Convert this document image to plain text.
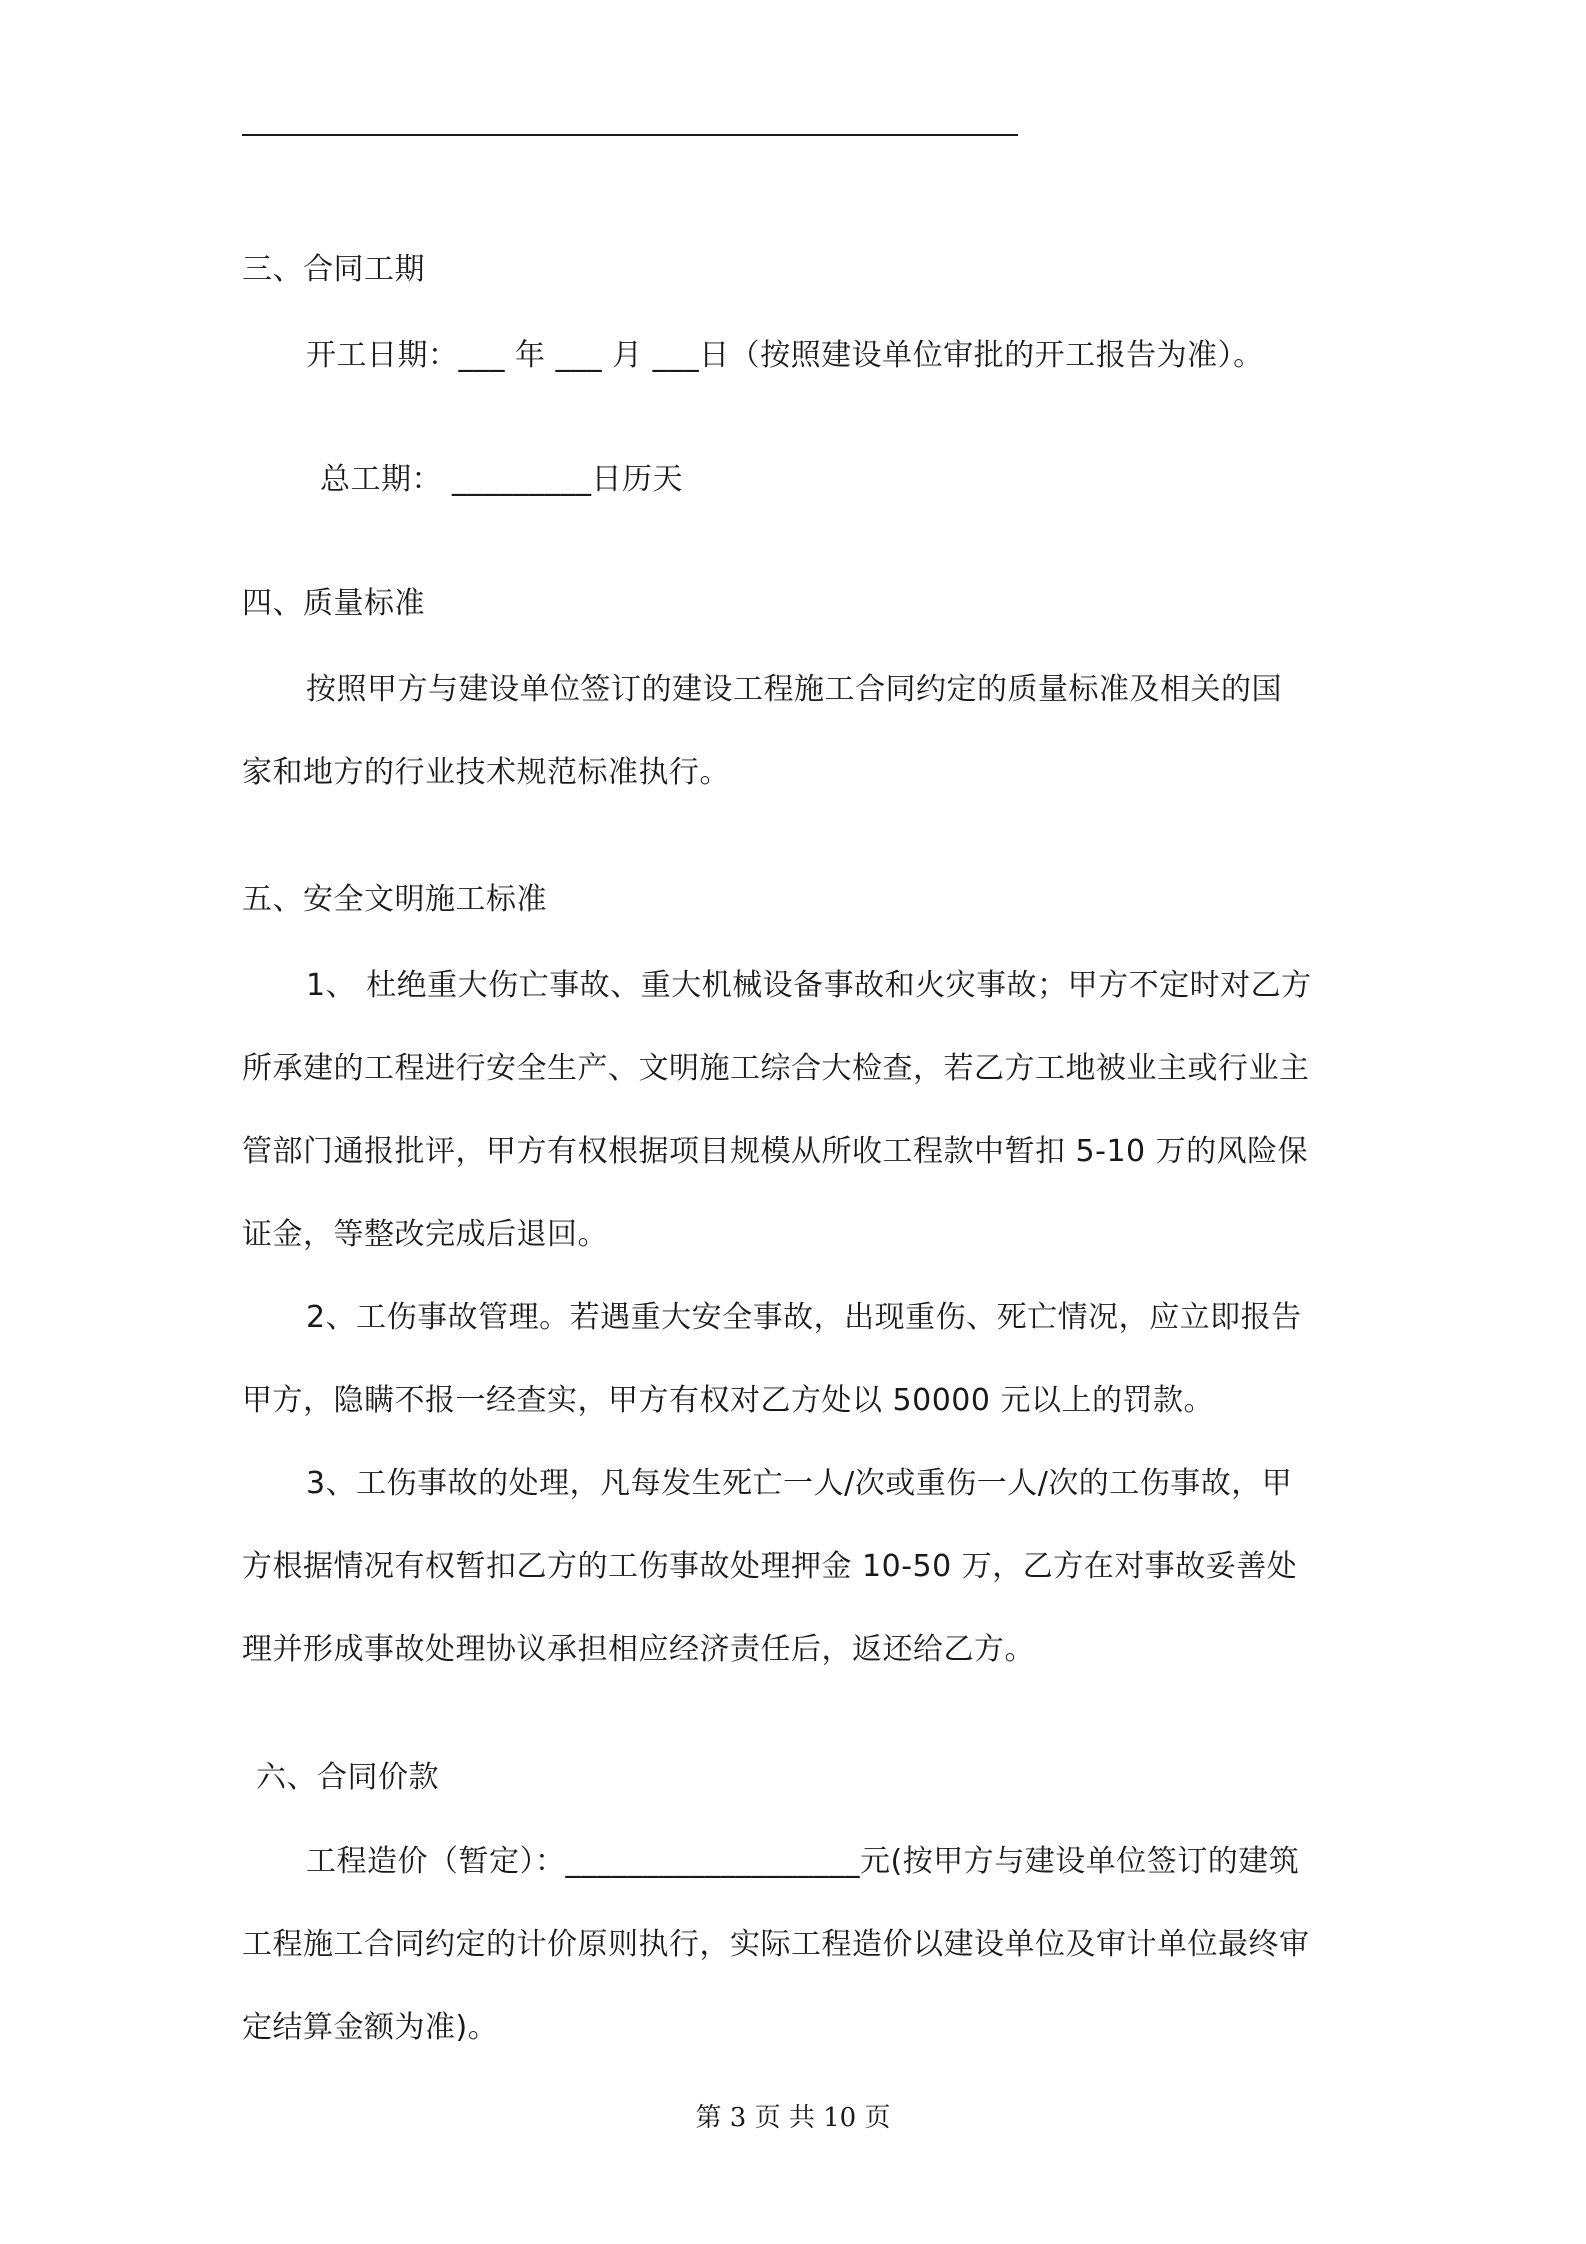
三、合同工期
开工日期：___ 年 ___ 月 ___日（按照建设单位审批的开工报告为准）。
总工期： _________日历天
四、质量标准
按照甲方与建设单位签订的建设工程施工合同约定的质量标准及相关的国
家和地方的行业技术规范标准执行。
五、安全文明施工标准
1、 杜绝重大伤亡事故、重大机械设备事故和火灾事故；甲方不定时对乙方
所承建的工程进行安全生产、文明施工综合大检查，若乙方工地被业主或行业主
管部门通报批评，甲方有权根据项目规模从所收工程款中暂扣 5-10 万的风险保
证金，等整改完成后退回。
2、工伤事故管理。若遇重大安全事故，出现重伤、死亡情况，应立即报告
甲方，隐瞒不报一经查实，甲方有权对乙方处以 50000 元以上的罚款。
3、工伤事故的处理，凡每发生死亡一人/次或重伤一人/次的工伤事故，甲
方根据情况有权暂扣乙方的工伤事故处理押金 10-50 万，乙方在对事故妥善处
理并形成事故处理协议承担相应经济责任后，返还给乙方。
六、合同价款
工程造价（暂定）：___________________元(按甲方与建设单位签订的建筑
工程施工合同约定的计价原则执行，实际工程造价以建设单位及审计单位最终审
定结算金额为准)。
第 3 页 共 10 页
